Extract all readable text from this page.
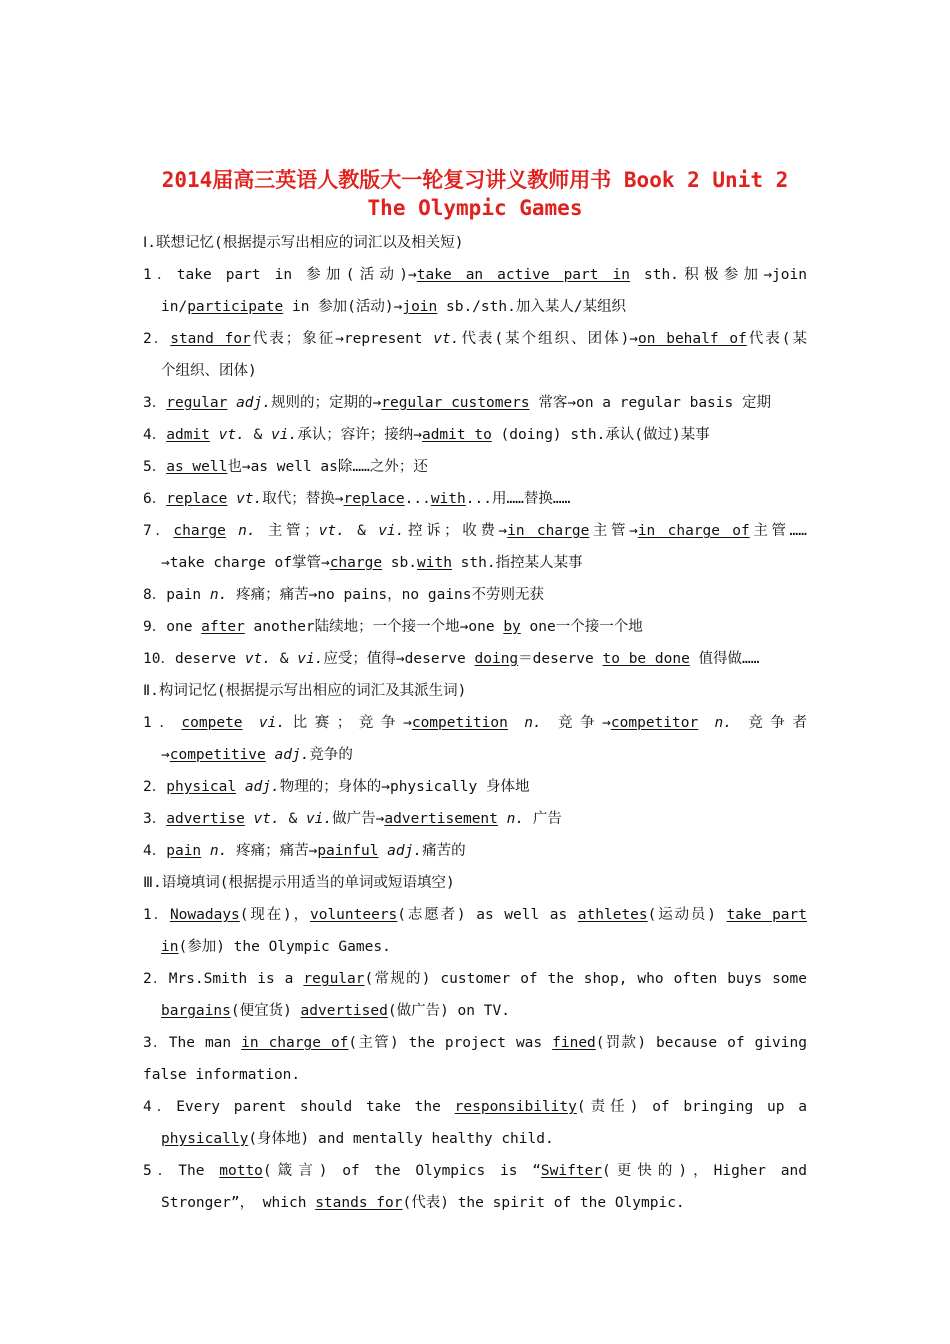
2014届高三英语人教版大一轮复习讲义教师用书 Book 2 Unit 2
The Olympic Games
Ⅰ.联想记忆(根据提示写出相应的词汇以及相关短)
1．take part in 参加(活动)→take an active part in sth.积极参加→join
in/participate in 参加(活动)→join sb./sth.加入某人/某组织
2．stand for代表；象征→represent vt.代表(某个组织、团体)→on behalf of代表(某
个组织、团体)
3．regular adj.规则的；定期的→regular customers 常客→on a regular basis 定期
4．admit vt. & vi.承认；容许；接纳→admit to (doing) sth.承认(做过)某事
5．as well也→as well as除……之外；还
6．replace vt.取代；替换→replace...with...用……替换……
7．charge n. 主管；vt. & vi.控诉；收费→in charge主管→in charge of主管……
→take charge of掌管→charge sb.with sth.指控某人某事
8．pain n. 疼痛；痛苦→no pains，no gains不劳则无获
9．one after another陆续地；一个接一个地→one by one一个接一个地
10．deserve vt. & vi.应受；值得→deserve doing＝deserve to be done 值得做……
Ⅱ.构词记忆(根据提示写出相应的词汇及其派生词)
1．compete vi.比赛；竞争→competition n. 竞争→competitor n. 竞争者
→competitive adj.竞争的
2．physical adj.物理的；身体的→physically 身体地
3．advertise vt. & vi.做广告→advertisement n. 广告
4．pain n. 疼痛；痛苦→painful adj.痛苦的
Ⅲ.语境填词(根据提示用适当的单词或短语填空)
1．Nowadays(现在)，volunteers(志愿者) as well as athletes(运动员) take part
in(参加) the Olympic Games.
2．Mrs.Smith is a regular(常规的) customer of the shop, who often buys some
bargains(便宜货) advertised(做广告) on TV.
3．The man in charge of(主管) the project was fined(罚款) because of giving
false information.
4．Every parent should take the responsibility(责任) of bringing up a
physically(身体地) and mentally healthy child.
5．The motto(箴言) of the Olympics is “Swifter(更快的)，Higher and
Stronger”， which stands for(代表) the spirit of the Olympic.
